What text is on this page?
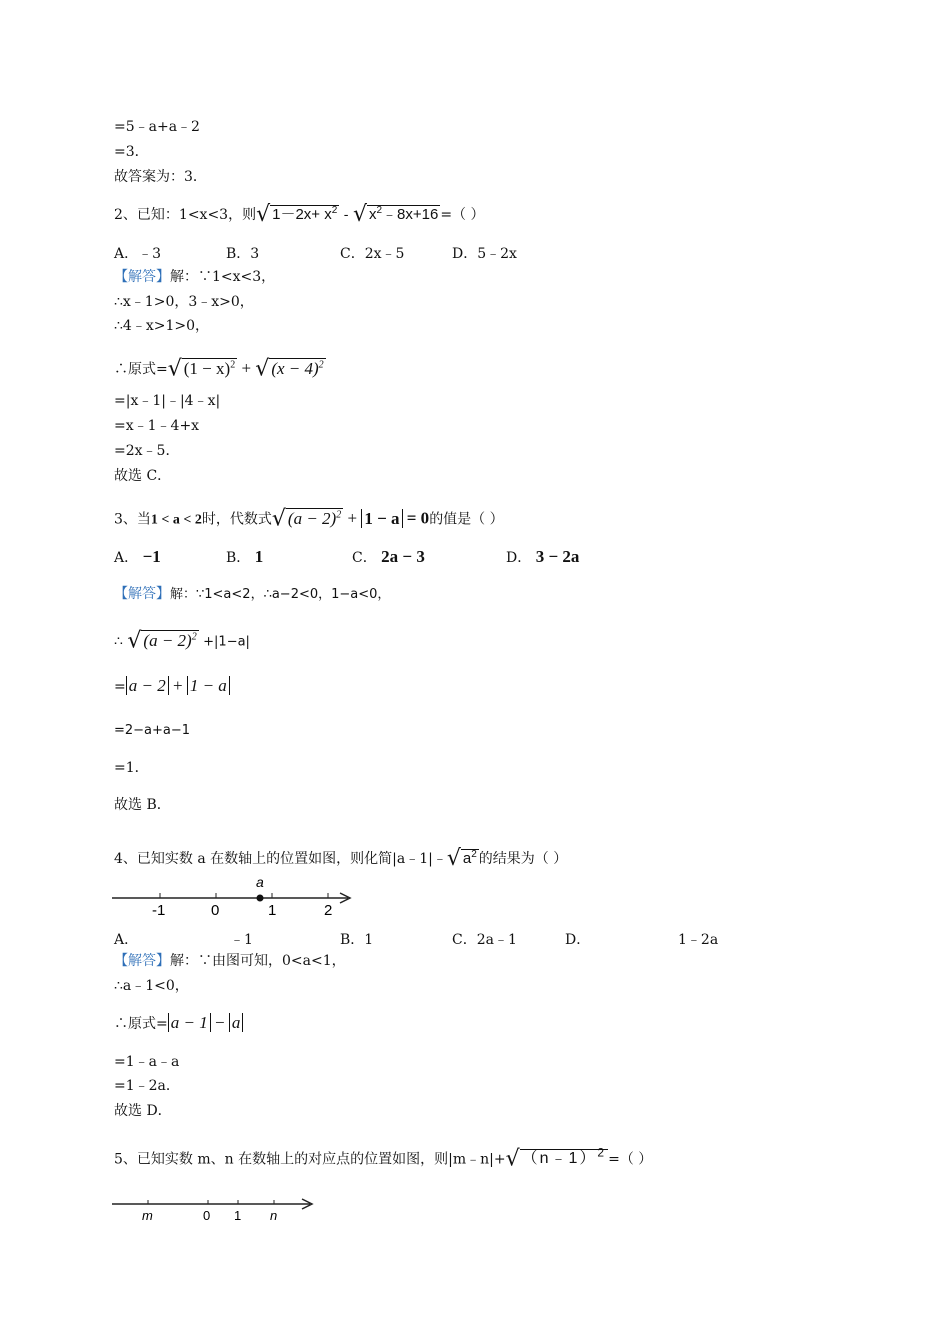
=5﹣a+a﹣2
=3．
故答案为：3．
2、已知：1<x<3，则√ $1-2x+ x^2$ - √ $x^2﹣8x+16$ =（ ）
A．﹣3	B．3	C．2x﹣5	D．5﹣2x
【解答】解：∵1<x<3，
∴x﹣1>0，3﹣x>0，
∴4﹣x>1>0，
∴原式=√ $(1 - x)^2$ + √ $(x - 4)^2$
=|x﹣1|﹣|4﹣x|
=x﹣1﹣4+x
=2x﹣5．
故选 C．
3、当1 < a < 2时，代数式√ $(a - 2)^2 + 1 - a = 0$的值是（ ）
A． −1	B． 1	C． 2a − 3	D． 3 − 2a
【解答】解：∵1<a<2，∴a−2<0，1−a<0，
∴ √ $(a - 2)^2 +|1-a|$
= a − 2 + 1 − a
=2−a+a−1
=1．
故选 B．
4、已知实数 a 在数轴上的位置如图，则化简|a﹣1|﹣√ $a^2$ 的结果为（ ）
a
-1	0	1	2
A．	﹣1	B．1	C．2a﹣1	D．	1﹣2a
【解答】解：∵由图可知，0<a<1，
∴a﹣1<0，
∴原式= a − 1 − a
=1﹣a﹣a
=1﹣2a．
故选 D．
5、已知实数 m、n 在数轴上的对应点的位置如图，则|m﹣n|+√ （n﹣1）$^2$ =（ ）
m	0 1 n
